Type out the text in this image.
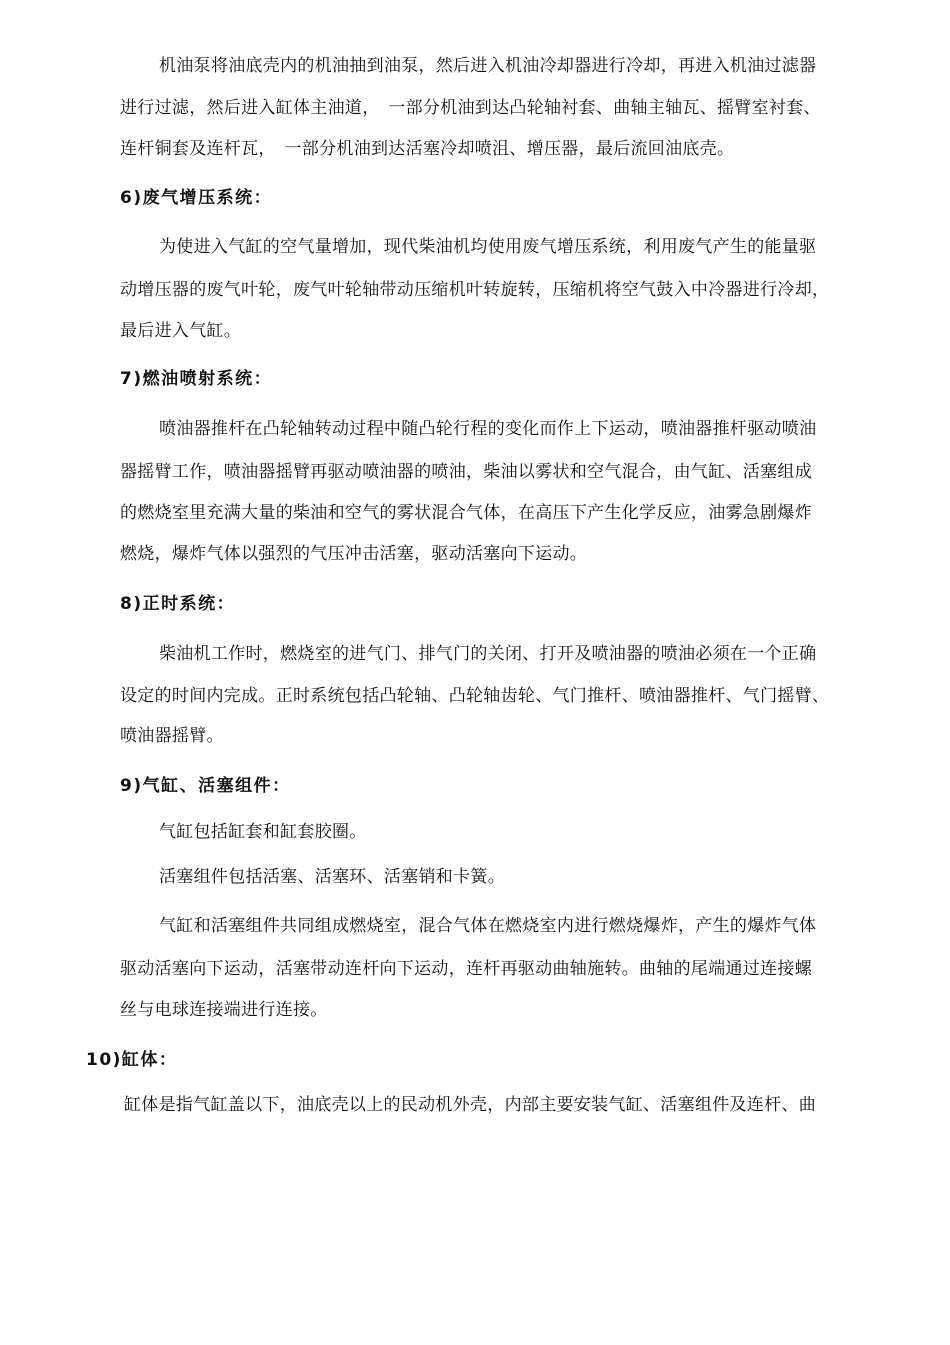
机油泵将油底壳内的机油抽到油泵，然后进入机油冷却器进行冷却，再进入机油过滤器
进行过滤，然后进入缸体主油道，　一部分机油到达凸轮轴衬套、曲轴主轴瓦、摇臂室衬套、
连杆铜套及连杆瓦，　一部分机油到达活塞冷却喷沮、增压器，最后流回油底壳。
6)废气增压系统：
为使进入气缸的空气量增加，现代柴油机均使用废气增压系统，利用废气产生的能量驱
动增压器的废气叶轮，废气叶轮轴带动压缩机叶转旋转，压缩机将空气鼓入中冷器进行冷却，
最后进入气缸。
7)燃油喷射系统：
喷油器推杆在凸轮轴转动过程中随凸轮行程的变化而作上下运动，喷油器推杆驱动喷油
器摇臂工作，喷油器摇臂再驱动喷油器的喷油，柴油以雾状和空气混合，由气缸、活塞组成
的燃烧室里充满大量的柴油和空气的雾状混合气体，在高压下产生化学反应，油雾急剧爆炸
燃烧，爆炸气体以强烈的气压冲击活塞，驱动活塞向下运动。
8)正时系统：
柴油机工作时，燃烧室的进气门、排气门的关闭、打开及喷油器的喷油必须在一个正确
设定的时间内完成。正时系统包括凸轮轴、凸轮轴齿轮、气门推杆、喷油器推杆、气门摇臂、
喷油器摇臂。
9)气缸、活塞组件：
气缸包括缸套和缸套胶圈。
活塞组件包括活塞、活塞环、活塞销和卡簧。
气缸和活塞组件共同组成燃烧室，混合气体在燃烧室内进行燃烧爆炸，产生的爆炸气体
驱动活塞向下运动，活塞带动连杆向下运动，连杆再驱动曲轴施转。曲轴的尾端通过连接螺
丝与电球连接端进行连接。
10)缸体：
缸体是指气缸盖以下，油底壳以上的民动机外壳，内部主要安装气缸、活塞组件及连杆、曲
